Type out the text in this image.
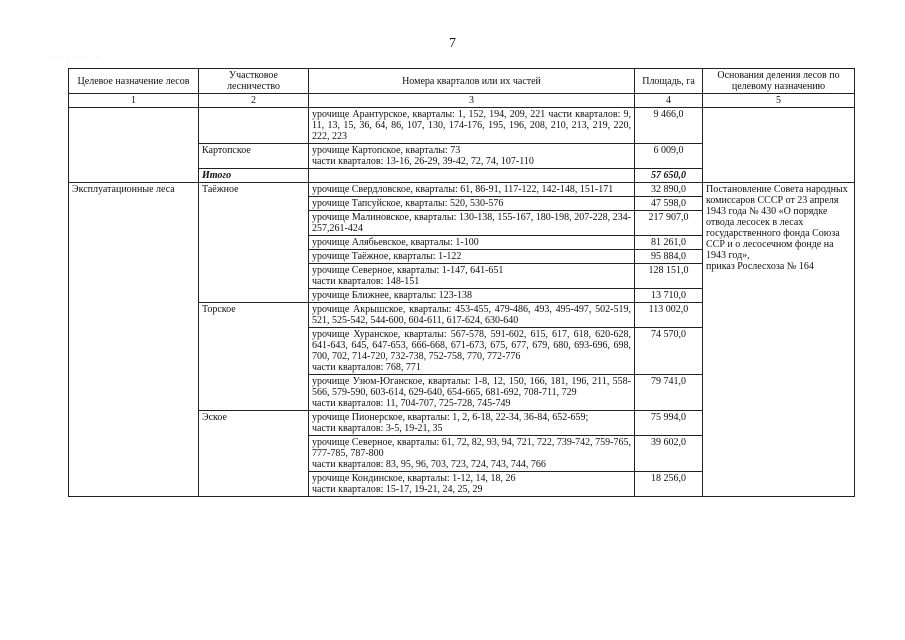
7
· · · · · ·
Целевое назначение лесов	Участковое лесничество	Номера кварталов или их частей	Площадь, га	Основания деления лесов по целевому назначению
1	2	3	4	5
		урочище Арантурское, кварталы: 1, 152, 194, 209, 221 части кварталов: 9, 11, 13, 15, 36, 64, 86, 107, 130, 174-176, 195, 196, 208, 210, 213, 219, 220, 222, 223	9 466,0	
	Картопское	урочище Картопское, кварталы: 73
части кварталов: 13-16, 26-29, 39-42, 72, 74, 107-110	6 009,0	
	Итого		57 650,0	
Эксплуатационные леса	Таёжное	урочище Свердловское, кварталы: 61, 86-91, 117-122, 142-148, 151-171	32 890,0	Постановление Совета народных комиссаров СССР от 23 апреля 1943 года № 430 «О порядке отвода лесосек в лесах государственного фонда Союза ССР и о лесосечном фонде на 1943 год»,
приказ Рослесхоза № 164

		урочище Тапсуйское, кварталы: 520, 530-576	47 598,0	
		урочище Малиновское, кварталы: 130-138, 155-167, 180-198, 207-228, 234-257,261-424	217 907,0	
		урочище Алябьевское, кварталы: 1-100	81 261,0	
		урочище Таёжное, кварталы: 1-122	95 884,0	

		урочище Северное, кварталы: 1-147, 641-651
части кварталов: 148-151	128 151,0	
		урочище Ближнее, кварталы: 123-138	13 710,0	
	Торское	урочище Акрышское, кварталы: 453-455, 479-486, 493, 495-497, 502-519, 521, 525-542, 544-600, 604-611, 617-624, 630-640	113 002,0	

		урочище Хуранское, кварталы: 567-578, 591-602, 615, 617, 618, 620-628, 641-643, 645, 647-653, 666-668, 671-673, 675, 677, 679, 680, 693-696, 698, 700, 702, 714-720, 732-738, 752-758, 770, 772-776
части кварталов: 768, 771	74 570,0	

		урочище Узюм-Юганское, кварталы: 1-8, 12, 150, 166, 181, 196, 211, 558-566, 579-590, 603-614, 629-640, 654-665, 681-692, 708-711, 729
части кварталов: 11, 704-707, 725-728, 745-749	79 741,0	
	Эское	урочище Пионерское, кварталы: 1, 2, 6-18, 22-34, 36-84, 652-659;
части кварталов: 3-5, 19-21, 35	75 994,0	

		урочище Северное, кварталы: 61, 72, 82, 93, 94, 721, 722, 739-742, 759-765, 777-785, 787-800
части кварталов: 83, 95, 96, 703, 723, 724, 743, 744, 766	39 602,0	

		урочище Кондинское, кварталы: 1-12, 14, 18, 26
части кварталов: 15-17, 19-21, 24, 25, 29	18 256,0	
